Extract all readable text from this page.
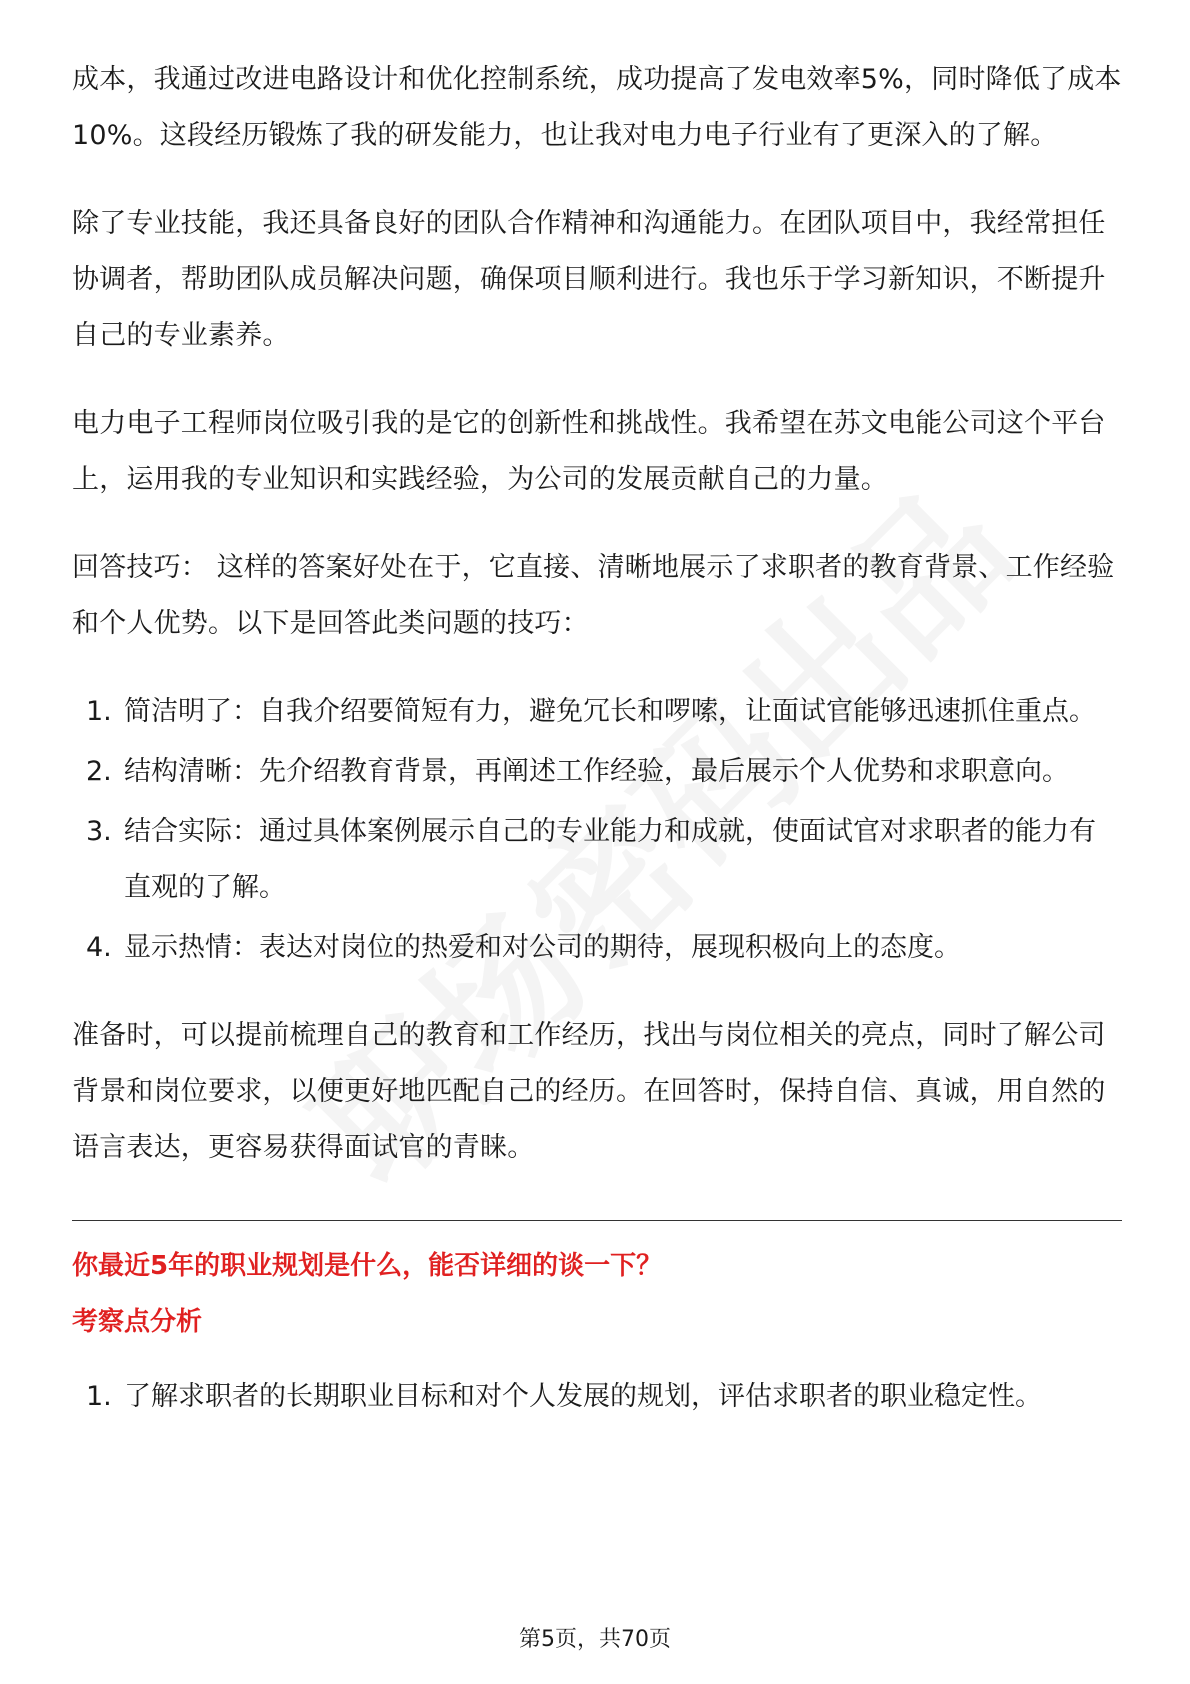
成本，我通过改进电路设计和优化控制系统，成功提高了发电效率5%，同时降低了成本10%。这段经历锻炼了我的研发能力，也让我对电力电子行业有了更深入的了解。

除了专业技能，我还具备良好的团队合作精神和沟通能力。在团队项目中，我经常担任协调者，帮助团队成员解决问题，确保项目顺利进行。我也乐于学习新知识，不断提升自己的专业素养。

电力电子工程师岗位吸引我的是它的创新性和挑战性。我希望在苏文电能公司这个平台上，运用我的专业知识和实践经验，为公司的发展贡献自己的力量。

回答技巧： 这样的答案好处在于，它直接、清晰地展示了求职者的教育背景、工作经验和个人优势。以下是回答此类问题的技巧：

1. 简洁明了：自我介绍要简短有力，避免冗长和啰嗦，让面试官能够迅速抓住重点。
2. 结构清晰：先介绍教育背景，再阐述工作经验，最后展示个人优势和求职意向。
3. 结合实际：通过具体案例展示自己的专业能力和成就，使面试官对求职者的能力有直观的了解。
4. 显示热情：表达对岗位的热爱和对公司的期待，展现积极向上的态度。

准备时，可以提前梳理自己的教育和工作经历，找出与岗位相关的亮点，同时了解公司背景和岗位要求，以便更好地匹配自己的经历。在回答时，保持自信、真诚，用自然的语言表达，更容易获得面试官的青睐。

你最近5年的职业规划是什么，能否详细的谈一下？

考察点分析

1. 了解求职者的长期职业目标和对个人发展的规划，评估求职者的职业稳定性。
第5页，共70页
